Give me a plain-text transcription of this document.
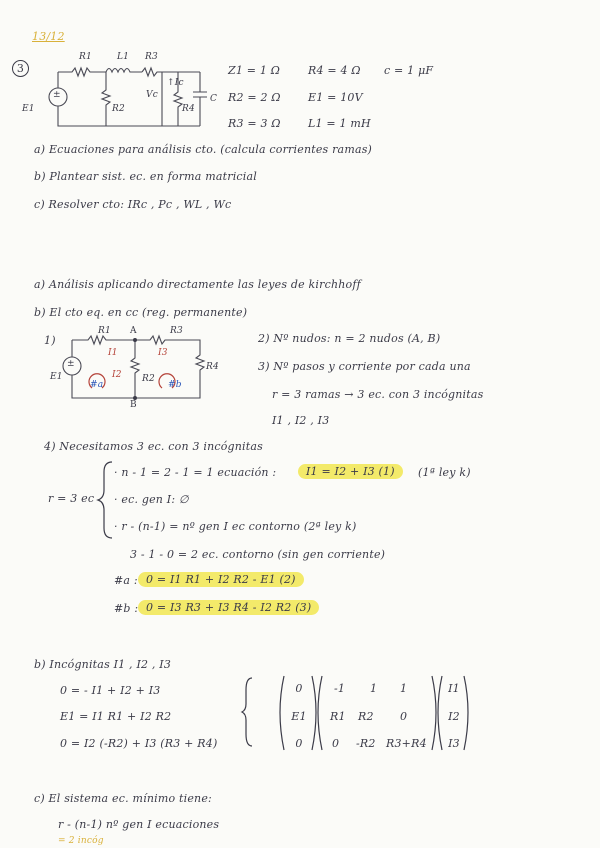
13/12
3
R1	L1 R3
↑Ic
Vc
R2	R4
C
E1
±
Z1 = 1 Ω	R4 = 4 Ω c = 1 μF
R2 = 2 Ω E1 = 10V
R3 = 3 Ω L1 = 1 mH
a) Ecuaciones para análisis cto. (calcula corrientes ramas)
b) Plantear sist. ec. en forma matricial
c) Resolver cto: IRc , Pc , WL , Wc
a) Análisis aplicando directamente las leyes de kirchhoff
b) El cto eq. en cc (reg. permanente)
1)
R1 A	R3
I1	I3
I2 R2
R4
E1
±
B
#a	#b
2) Nº nudos: n = 2 nudos (A, B)
3) Nº pasos y corriente por cada una
r = 3 ramas → 3 ec. con 3 incógnitas
I1 , I2 , I3
4) Necesitamos 3 ec. con 3 incógnitas
r = 3 ec
· n - 1 = 2 - 1 = 1 ecuación :	I1 = I2 + I3 (1)	(1ª ley k)
· ec. gen I: ∅
· r - (n-1) = nº gen I ec contorno (2ª ley k)
3 - 1 - 0 = 2 ec. contorno (sin gen corriente)
#a : 0 = I1 R1 + I2 R2 - E1 (2)
#b : 0 = I3 R3 + I3 R4 - I2 R2 (3)
b) Incógnitas I1 , I2 , I3
0 = - I1 + I2 + I3
E1 = I1 R1 + I2 R2
0 = I2 (-R2) + I3 (R3 + R4)
0
E1
0
-1 1 1
R1 R2 0
0 -R2 R3+R4
I1
I2
I3
c) El sistema ec. mínimo tiene:
r - (n-1) nº gen I ecuaciones
= 2 incóg
